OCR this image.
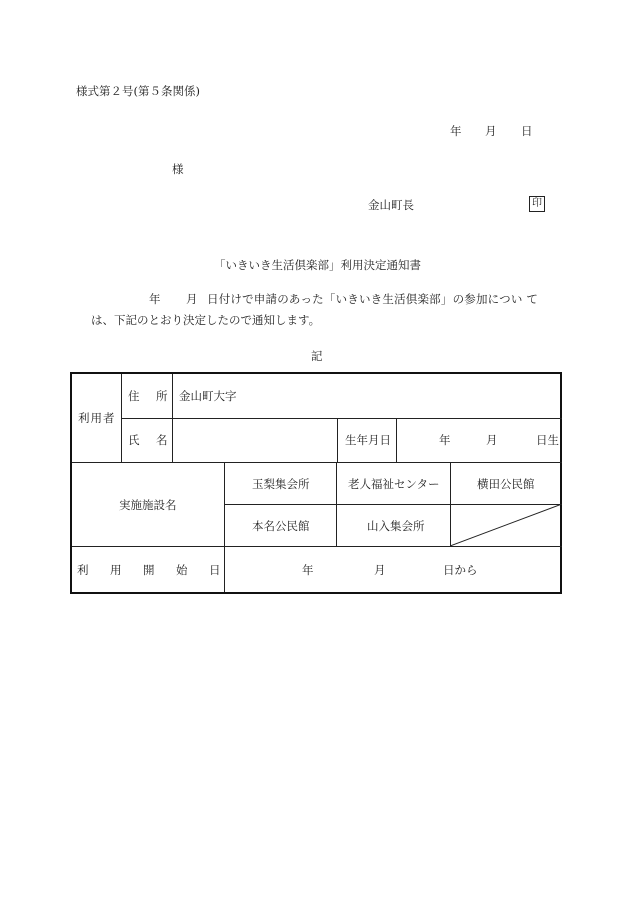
様式第２号(第５条関係)
年 月 日
様
金山町長	印
「いきいき生活倶楽部」利用決定通知書
年 月 日付けで申請のあった「いきいき生活倶楽部」の参加につい て
は、下記のとおり決定したので通知します。
記
利用者
住 所 金山町大字
氏 名	生年月日	年	月	日生
実施施設名
玉梨集会所	老人福祉センター	横田公民館
本名公民館	山入集会所
利 用 開 始 日	年	月	日から
